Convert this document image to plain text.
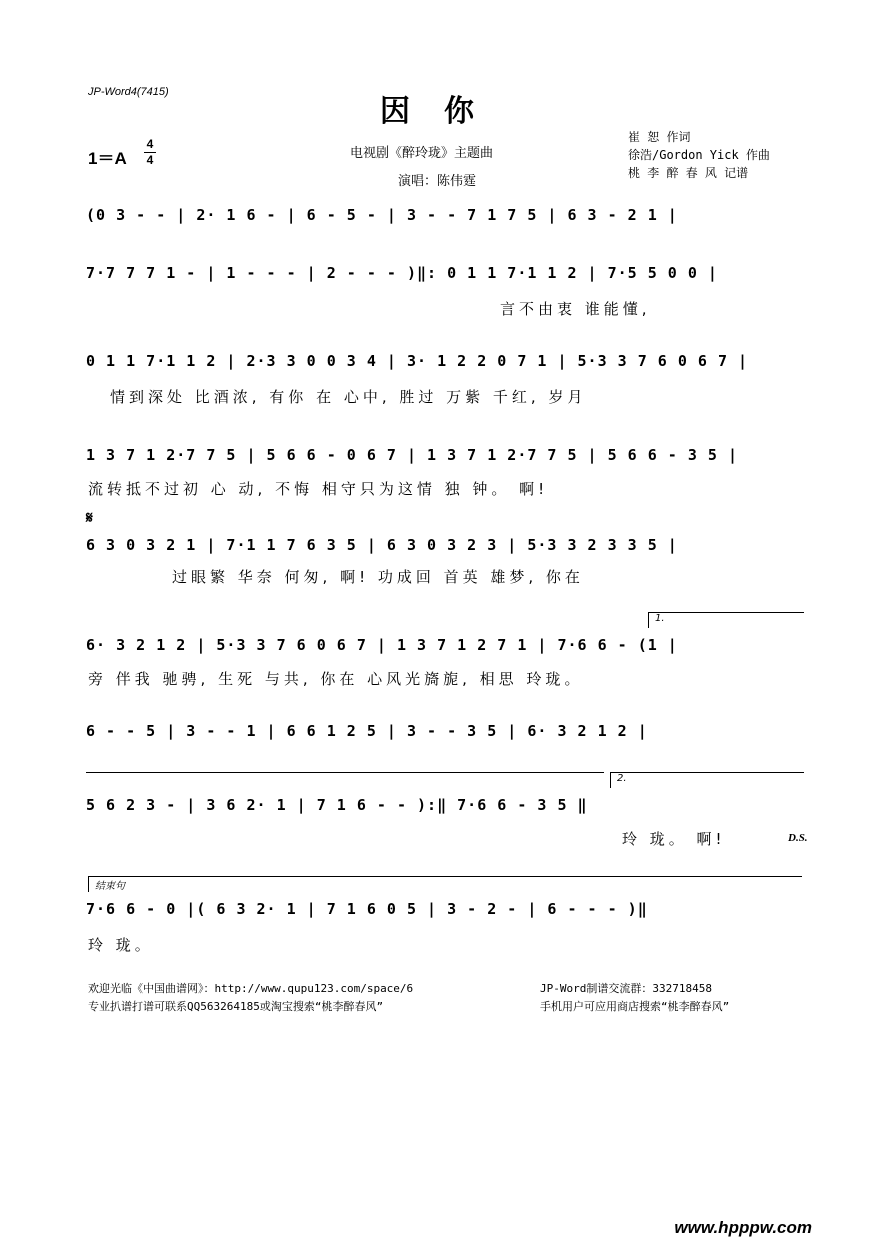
JP-Word4(7415)
因你
1＝A
4
4	电视剧《醉玲珑》主题曲
演唱：陈伟霆
崔 恕 作词
徐浩/Gordon Yick 作曲
桃 李 醉 春 风 记谱
(0 3 - - | 2· 1 6 - | 6 - 5 - | 3 - - 7 1 7 5 | 6 3 - 2 1 |
7·7 7 7 1 - | 1 - - - | 2 - - - )‖: 0 1 1 7·1 1 2 | 7·5 5 0 0 |
言不由衷 谁能懂,
0 1 1 7·1 1 2 | 2·3 3 0 0 3 4 | 3· 1 2 2 0 7 1 | 5·3 3 7 6 0 6 7 |
情到深处 比酒浓, 有你 在 心中, 胜过 万紫 千红, 岁月
1 3 7 1 2·7 7 5 | 5 6 6 - 0 6 7 | 1 3 7 1 2·7 7 5 | 5 6 6 - 3 5 |
流转抵不过初 心 动, 不悔 相守只为这情 独 钟。 啊!
𝄋
6 3 0 3 2 1 | 7·1 1 7 6 3 5 | 6 3 0 3 2 3 | 5·3 3 2 3 3 5 |
过眼繁 华奈 何匆, 啊! 功成回 首英 雄梦, 你在
1.
6· 3 2 1 2 | 5·3 3 7 6 0 6 7 | 1 3 7 1 2 7 1 | 7·6 6 - (1 |
旁 伴我 驰骋, 生死 与共, 你在 心风光旖旎, 相思 玲珑。
6 - - 5 | 3 - - 1 | 6 6 1 2 5 | 3 - - 3 5 | 6· 3 2 1 2 |
2.
5 6 2 3 - | 3 6 2· 1 | 7 1 6 - - ):‖ 7·6 6 - 3 5 ‖
玲 珑。 啊!	D.S.
结束句
7·6 6 - 0 |( 6 3 2· 1 | 7 1 6 0 5 | 3 - 2 - | 6 - - - )‖
玲 珑。
欢迎光临《中国曲谱网》：http://www.qupu123.com/space/6	JP-Word制谱交流群：332718458
专业扒谱打谱可联系QQ563264185或淘宝搜索“桃李醉春风”	手机用户可应用商店搜索“桃李醉春风”
www.hpppw.com
